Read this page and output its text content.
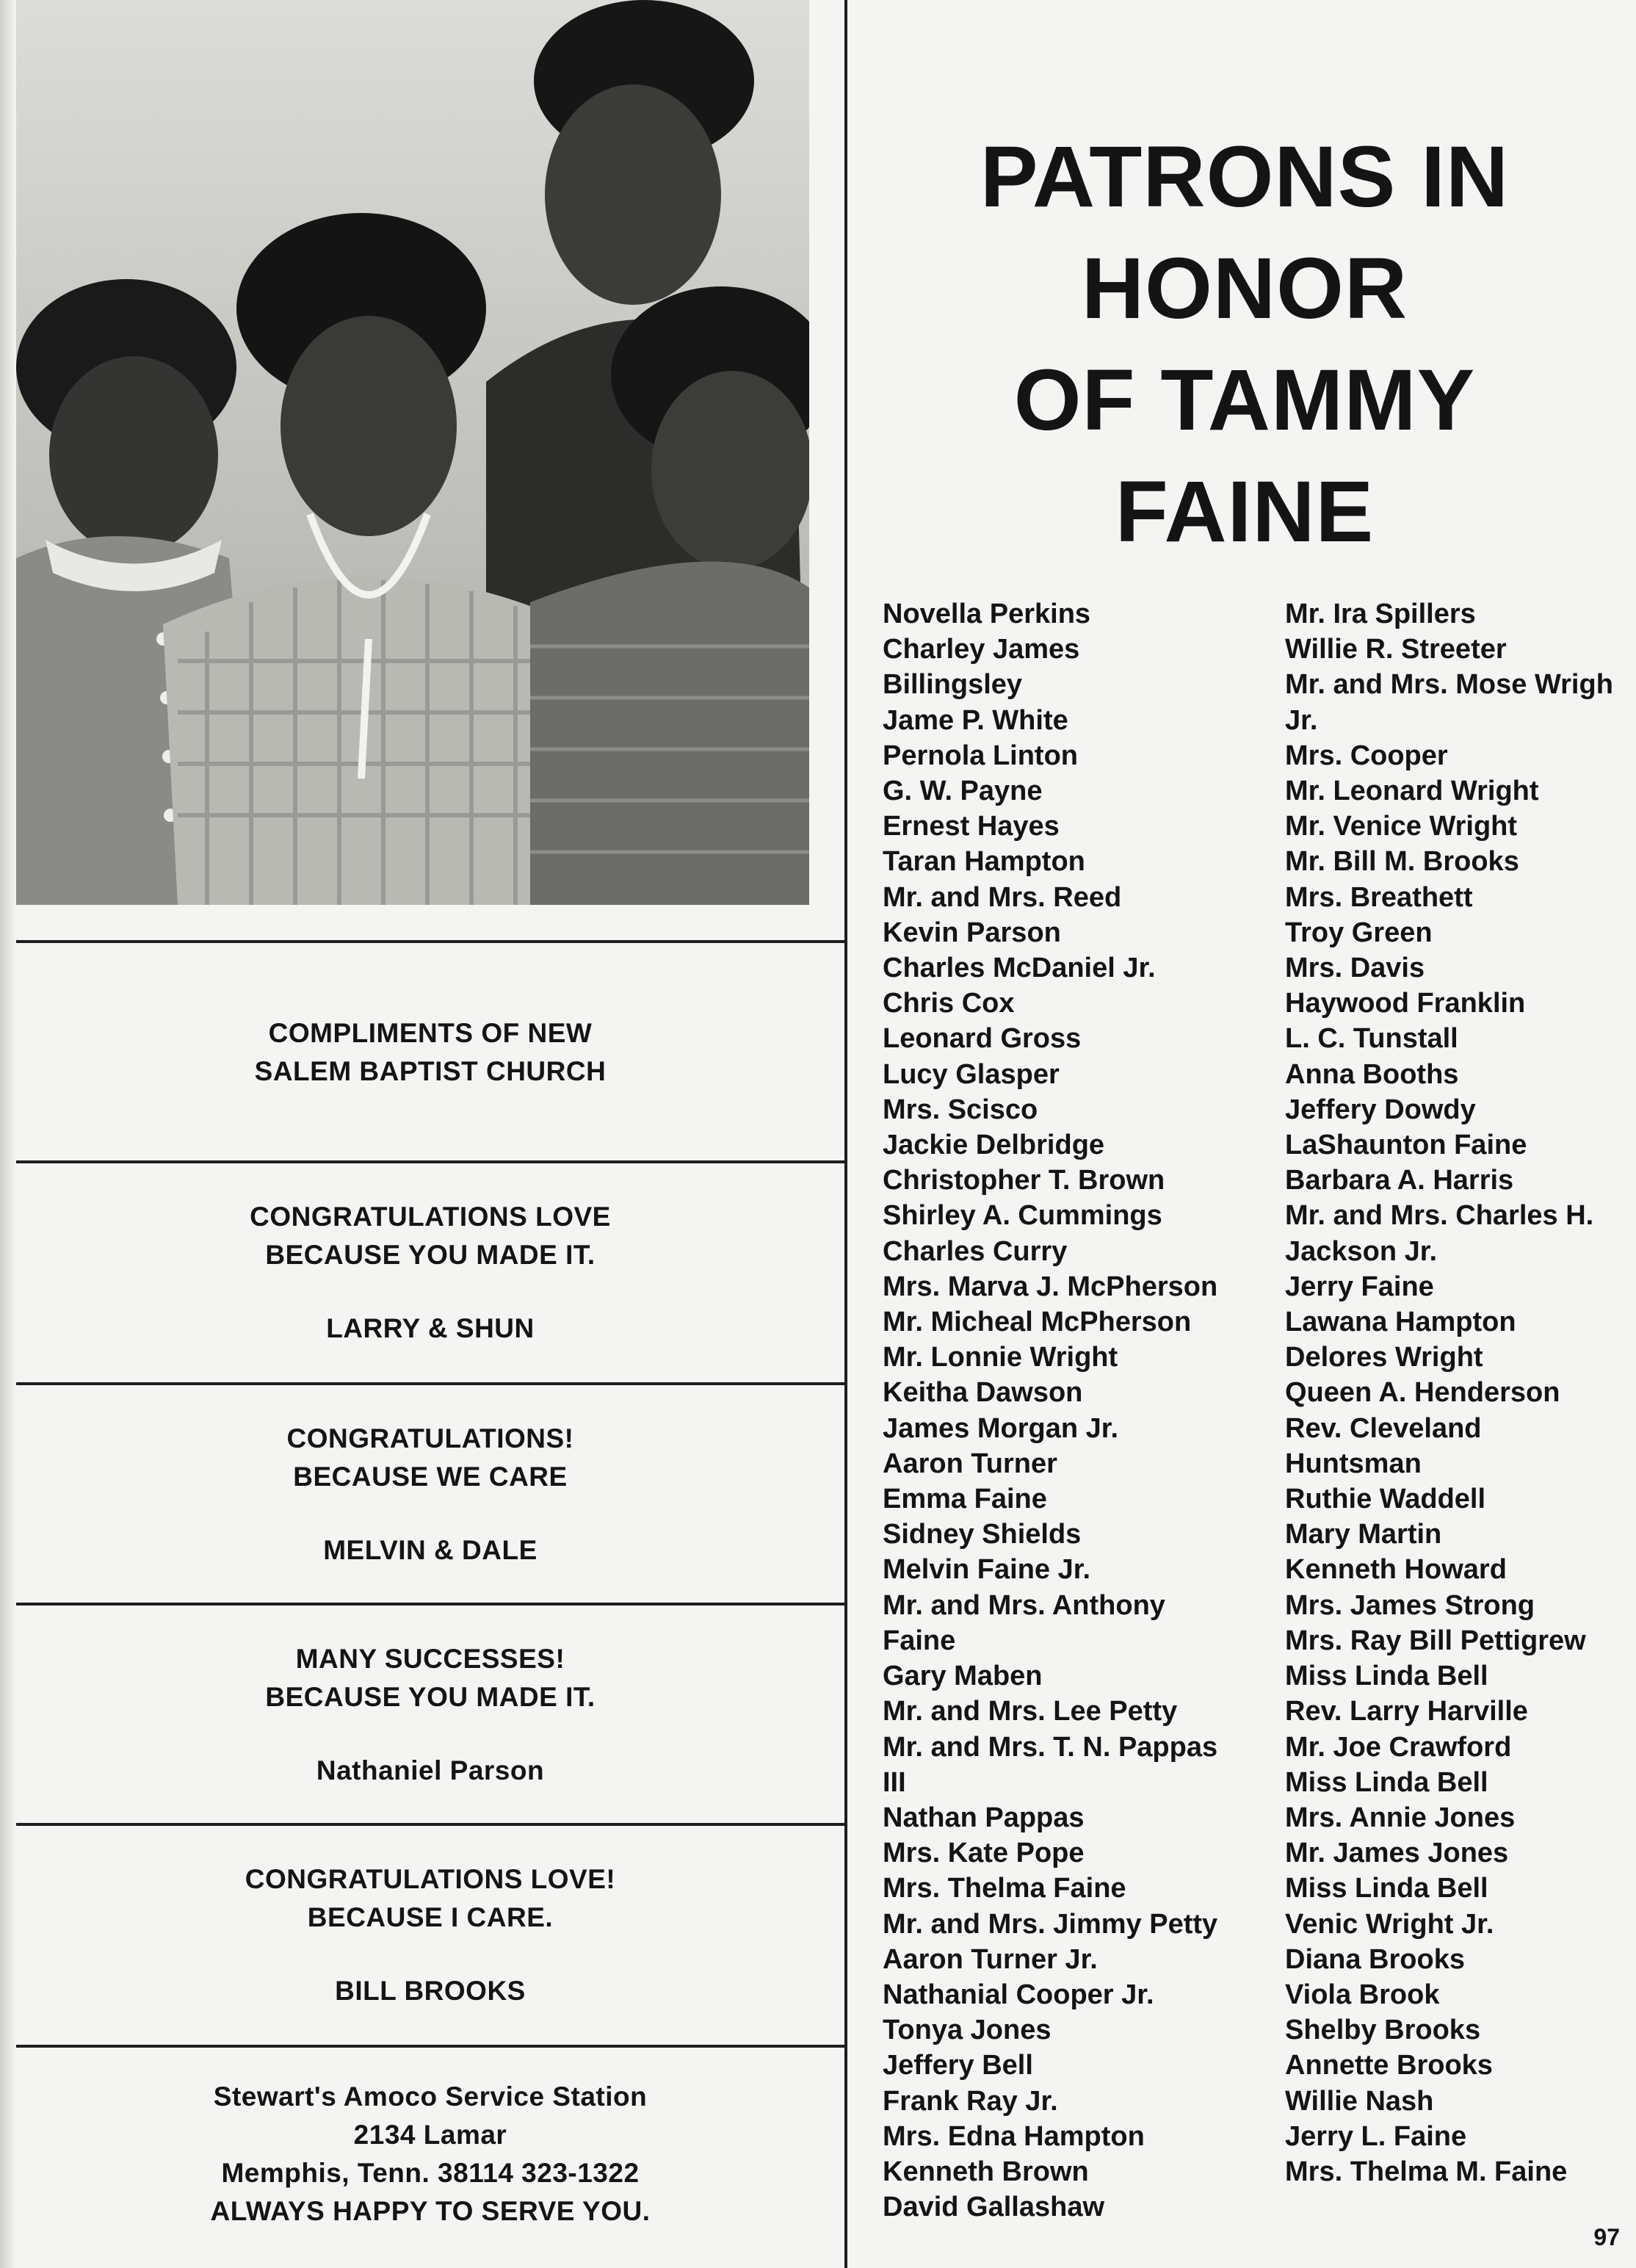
COMPLIMENTS OF NEW
SALEM BAPTIST CHURCH
CONGRATULATIONS LOVE
BECAUSE YOU MADE IT.
LARRY & SHUN
CONGRATULATIONS!
BECAUSE WE CARE
MELVIN & DALE
MANY SUCCESSES!
BECAUSE YOU MADE IT.
Nathaniel Parson
CONGRATULATIONS LOVE!
BECAUSE I CARE.
BILL BROOKS
Stewart's Amoco Service Station
2134 Lamar
Memphis, Tenn. 38114 323-1322
ALWAYS HAPPY TO SERVE YOU.
PATRONS IN
HONOR
OF TAMMY
FAINE
Novella Perkins
Charley James
Billingsley
Jame P. White
Pernola Linton
G. W. Payne
Ernest Hayes
Taran Hampton
Mr. and Mrs. Reed
Kevin Parson
Charles McDaniel Jr.
Chris Cox
Leonard Gross
Lucy Glasper
Mrs. Scisco
Jackie Delbridge
Christopher T. Brown
Shirley A. Cummings
Charles Curry
Mrs. Marva J. McPherson
Mr. Micheal McPherson
Mr. Lonnie Wright
Keitha Dawson
James Morgan Jr.
Aaron Turner
Emma Faine
Sidney Shields
Melvin Faine Jr.
Mr. and Mrs. Anthony
Faine
Gary Maben
Mr. and Mrs. Lee Petty
Mr. and Mrs. T. N. Pappas
III
Nathan Pappas
Mrs. Kate Pope
Mrs. Thelma Faine
Mr. and Mrs. Jimmy Petty
Aaron Turner Jr.
Nathanial Cooper Jr.
Tonya Jones
Jeffery Bell
Frank Ray Jr.
Mrs. Edna Hampton
Kenneth Brown
David Gallashaw
Mr. Ira Spillers
Willie R. Streeter
Mr. and Mrs. Mose Wrigh
Jr.
Mrs. Cooper
Mr. Leonard Wright
Mr. Venice Wright
Mr. Bill M. Brooks
Mrs. Breathett
Troy Green
Mrs. Davis
Haywood Franklin
L. C. Tunstall
Anna Booths
Jeffery Dowdy
LaShaunton Faine
Barbara A. Harris
Mr. and Mrs. Charles H.
Jackson Jr.
Jerry Faine
Lawana Hampton
Delores Wright
Queen A. Henderson
Rev. Cleveland
Huntsman
Ruthie Waddell
Mary Martin
Kenneth Howard
Mrs. James Strong
Mrs. Ray Bill Pettigrew
Miss Linda Bell
Rev. Larry Harville
Mr. Joe Crawford
Miss Linda Bell
Mrs. Annie Jones
Mr. James Jones
Miss Linda Bell
Venic Wright Jr.
Diana Brooks
Viola Brook
Shelby Brooks
Annette Brooks
Willie Nash
Jerry L. Faine
Mrs. Thelma M. Faine
97
